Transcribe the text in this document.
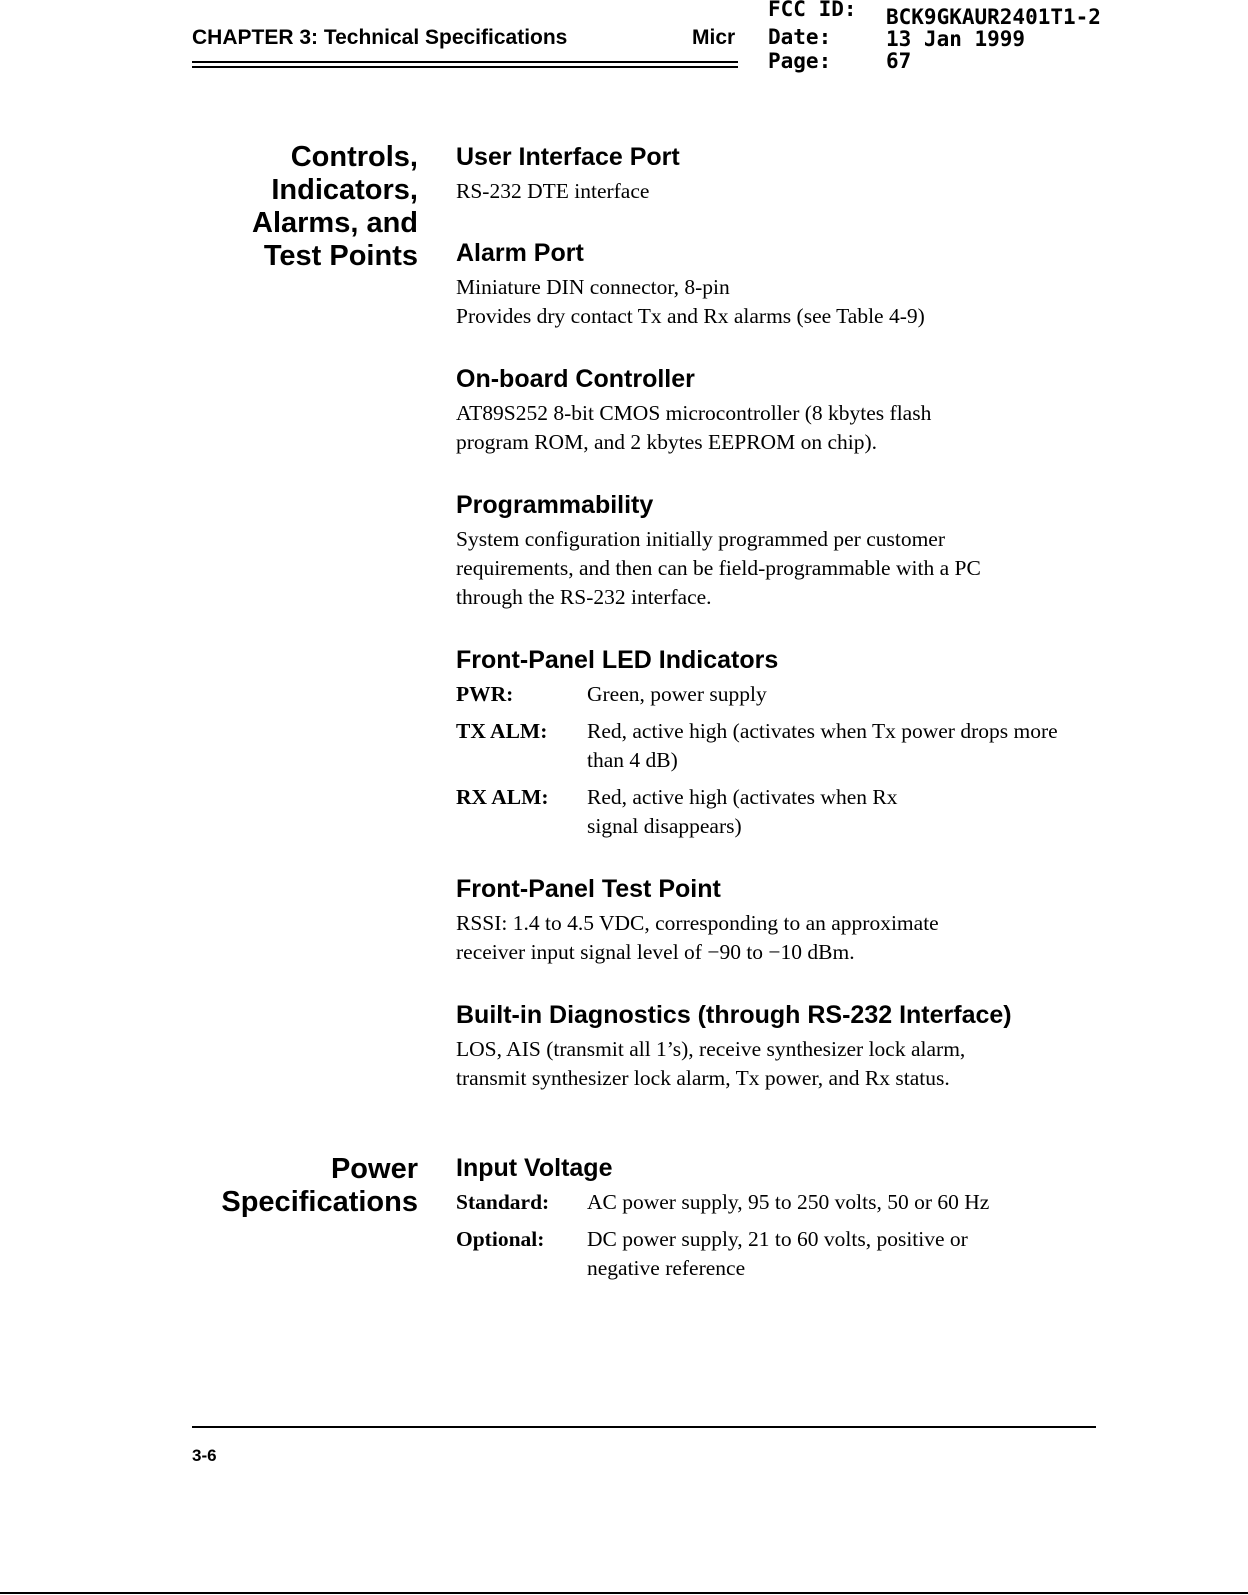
CHAPTER 3: Technical Specifications	Micr
FCC ID: BCK9GKAUR2401T1-2
Date:	13 Jan 1999
Page:	67
Controls,
Indicators,
Alarms, and
Test Points
Power
Specifications
User Interface Port

RS-232 DTE interface

Alarm Port

Miniature DIN connector, 8-pin
Provides dry contact Tx and Rx alarms (see Table 4-9)

On-board Controller

AT89S252 8-bit CMOS microcontroller (8 kbytes flash
program ROM, and 2 kbytes EEPROM on chip).

Programmability

System configuration initially programmed per customer
requirements, and then can be field-programmable with a PC
through the RS-232 interface.

Front-Panel LED Indicators
PWR:	Green, power supply
TX ALM:	Red, active high (activates when Tx power drops more than 4 dB)
RX ALM:	Red, active high (activates when Rx signal disappears)
Front-Panel Test Point

RSSI: 1.4 to 4.5 VDC, corresponding to an approximate
receiver input signal level of −90 to −10 dBm.

Built-in Diagnostics (through RS-232 Interface)

LOS, AIS (transmit all 1’s), receive synthesizer lock alarm,
transmit synthesizer lock alarm, Tx power, and Rx status.

Input Voltage
Standard:	AC power supply, 95 to 250 volts, 50 or 60 Hz
Optional:	DC power supply, 21 to 60 volts, positive or negative reference
3-6
